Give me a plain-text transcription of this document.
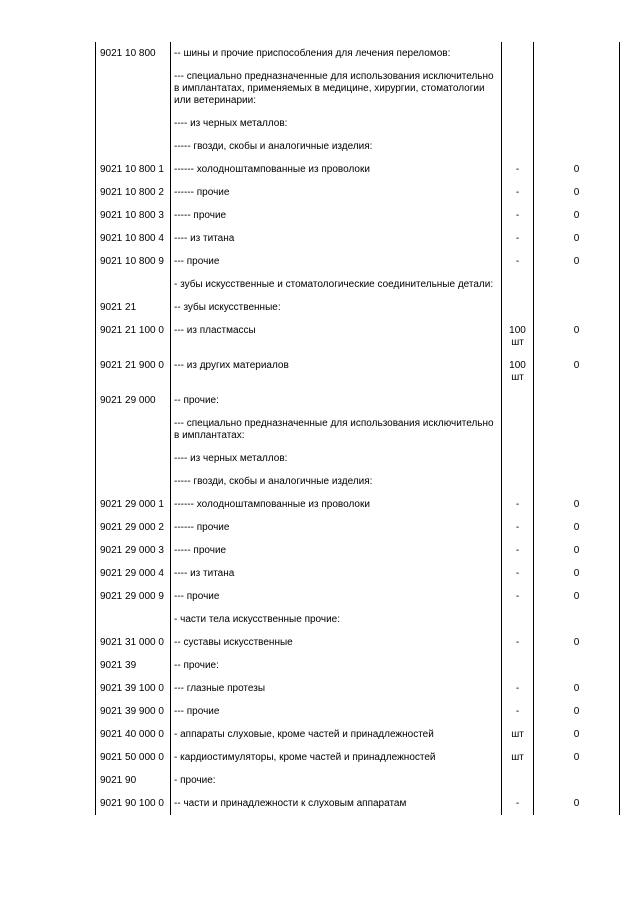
9021 10 800	-- шины и прочие приспособления для лечения переломов:		
	--- специально предназначенные для использования исключительно в имплантатах, применяемых в медицине, хирургии, стоматологии или ветеринарии:		
	---- из черных металлов:		
	----- гвозди, скобы и аналогичные изделия:		
9021 10 800 1	------ холодноштампованные из проволоки	-	0
9021 10 800 2	------ прочие	-	0
9021 10 800 3	----- прочие	-	0
9021 10 800 4	---- из титана	-	0
9021 10 800 9	--- прочие	-	0
	- зубы искусственные и стоматологические соединительные детали:		
9021 21	-- зубы искусственные:		
9021 21 100 0	--- из пластмассы	100 шт	0
9021 21 900 0	--- из других материалов	100 шт	0
9021 29 000	-- прочие:		
	--- специально предназначенные для использования исключительно в имплантатах:		
	---- из черных металлов:		
	----- гвозди, скобы и аналогичные изделия:		
9021 29 000 1	------ холодноштампованные из проволоки	-	0
9021 29 000 2	------ прочие	-	0
9021 29 000 3	----- прочие	-	0
9021 29 000 4	---- из титана	-	0
9021 29 000 9	--- прочие	-	0
	- части тела искусственные прочие:		
9021 31 000 0	-- суставы искусственные	-	0
9021 39	-- прочие:		
9021 39 100 0	--- глазные протезы	-	0
9021 39 900 0	--- прочие	-	0
9021 40 000 0	- аппараты слуховые, кроме частей и принадлежностей	шт	0
9021 50 000 0	- кардиостимуляторы, кроме частей и принадлежностей	шт	0
9021 90	- прочие:		
9021 90 100 0	-- части и принадлежности к слуховым аппаратам	-	0
